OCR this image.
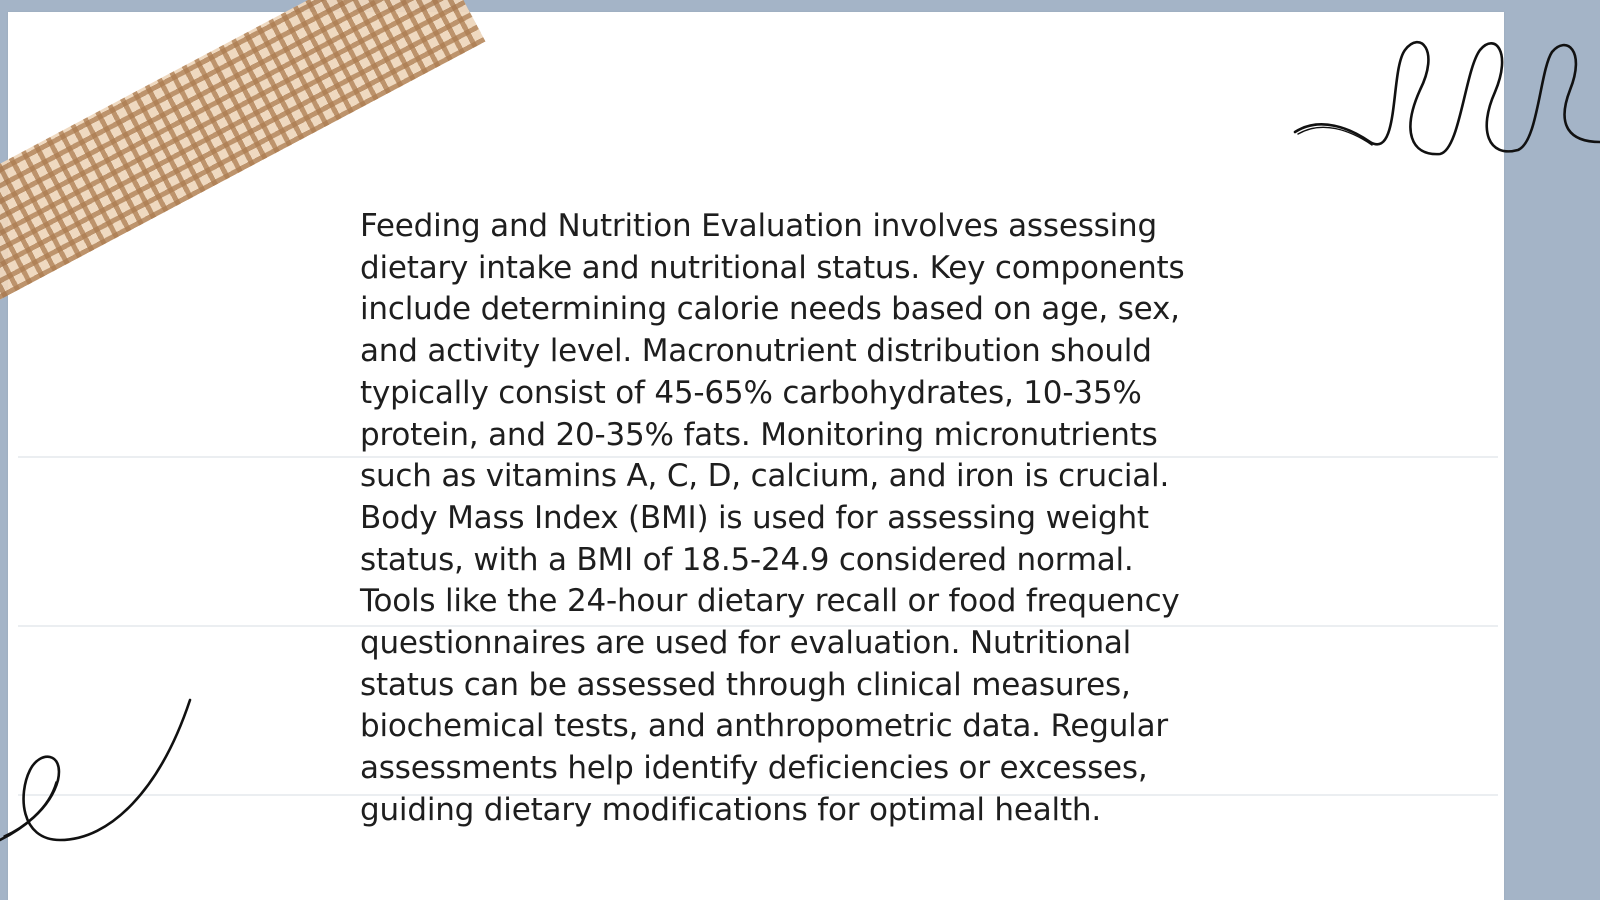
Feeding and Nutrition Evaluation involves assessing
dietary intake and nutritional status. Key components
include determining calorie needs based on age, sex,
and activity level. Macronutrient distribution should
typically consist of 45-65% carbohydrates, 10-35%
protein, and 20-35% fats. Monitoring micronutrients
such as vitamins A, C, D, calcium, and iron is crucial.
Body Mass Index (BMI) is used for assessing weight
status, with a BMI of 18.5-24.9 considered normal.
Tools like the 24-hour dietary recall or food frequency
questionnaires are used for evaluation. Nutritional
status can be assessed through clinical measures,
biochemical tests, and anthropometric data. Regular
assessments help identify deficiencies or excesses,
guiding dietary modifications for optimal health.
